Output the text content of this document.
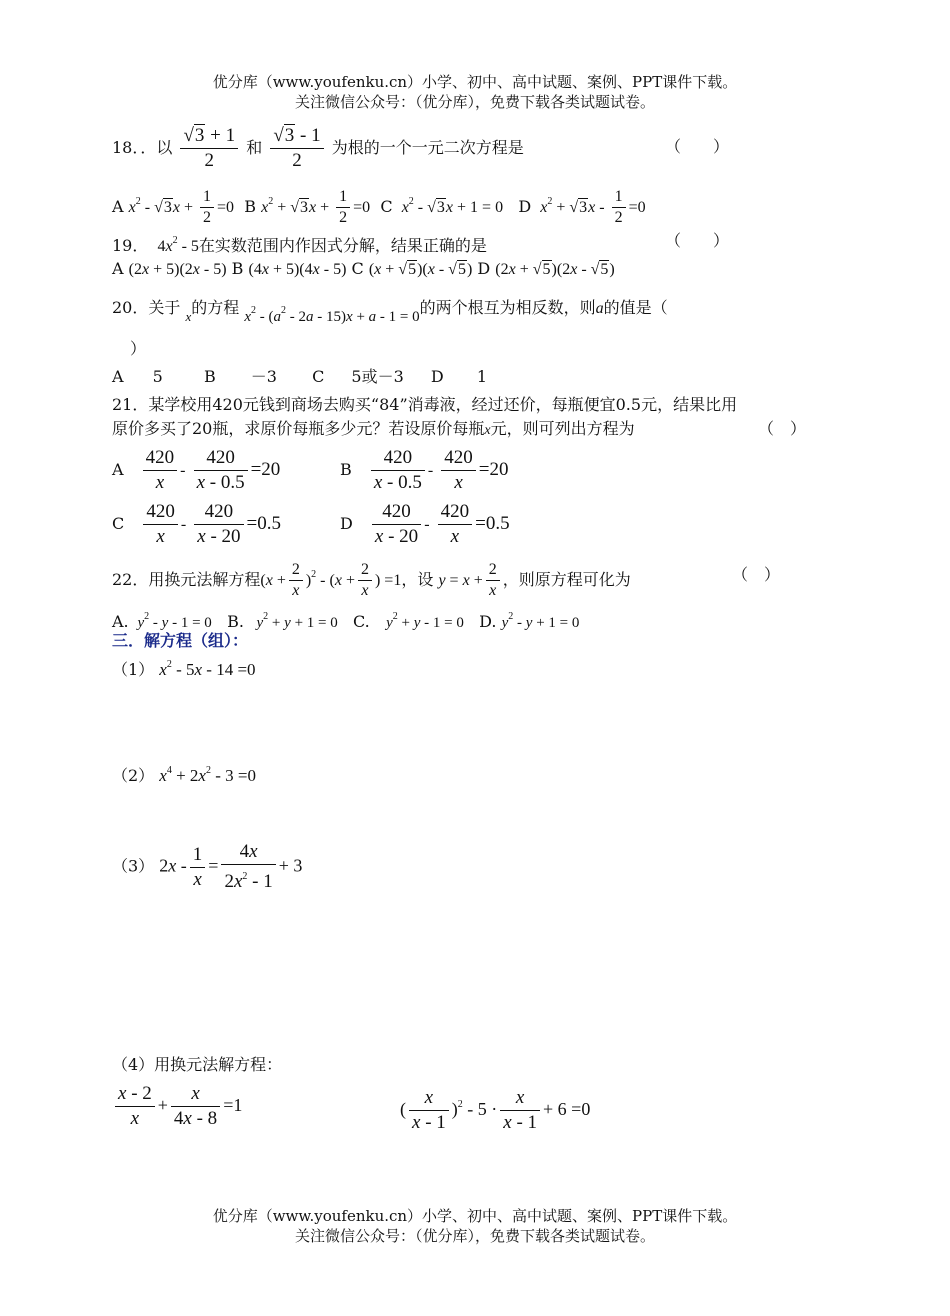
优分库（www.youfenku.cn）小学、初中、高中试题、案例、PPT课件下载。
关注微信公众号：（优分库），免费下载各类试题试卷。
18．．以 $\frac{√3 + 1}{2}$ 和 $\frac{√3 - 1}{2}$ 为根的一个一元二次方程是	（　　）
A $x^2 - √3x + \frac{1}{2} =0$ B $x^2 + √3x + \frac{1}{2} =0$ C $x^2 - √3x + 1 = 0$ D $x^2 + √3x - \frac{1}{2} =0$
19．  $4x^2 - 5$在实数范围内作因式分解，结果正确的是	（　　）
A (2x + 5)(2x - 5) B (4x + 5)(4x - 5) C (x + √5)(x - √5) D (2x + √5)(2x - √5)
20．关于 $_x$的方程 $x^2 - (a^2 - 2a - 15)x + a - 1 = 0$的两个根互为相反数，则a的值是（
）
A 5	B －3 C 5或－3 D 1
21．某学校用420元钱到商场去购买“84”消毒液，经过还价，每瓶便宜0.5元，结果比用
原价多买了20瓶，求原价每瓶多少元？若设原价每瓶x元，则可列出方程为	（　）
A $\frac{420}{x} - \frac{420}{x - 0.5} =20$	B $\frac{420}{x - 0.5} - \frac{420}{x} =20$
C $\frac{420}{x} - \frac{420}{x - 20} =0.5$	D $\frac{420}{x - 20} - \frac{420}{x} =0.5$
22．用换元法解方程$(x + \frac{2}{x} )^2 - (x + \frac{2}{x}$ ) =1，设 $y = x + \frac{2}{x}$ ，则原方程可化为	（　）
A. $y^2 - y - 1 = 0$ B. $y^2 + y + 1 = 0$ C. $y^2 + y - 1 = 0$ D. $y^2 - y + 1 = 0$
三．解方程（组）：
（1） $x^2 - 5x - 14 =0$
（2） $x^4 + 2x^2 - 3 =0$
（3） $2x - \frac{1}{x} = \frac{4x}{2x^2 - 1} + 3$
（4）用换元法解方程：
$\frac{x - 2}{x} + \frac{x}{4x - 8} =1$	( $\frac{x}{x - 1} )^2 - 5 \cdot \frac{x}{x - 1} + 6 =0$
优分库（www.youfenku.cn）小学、初中、高中试题、案例、PPT课件下载。
关注微信公众号：（优分库），免费下载各类试题试卷。
